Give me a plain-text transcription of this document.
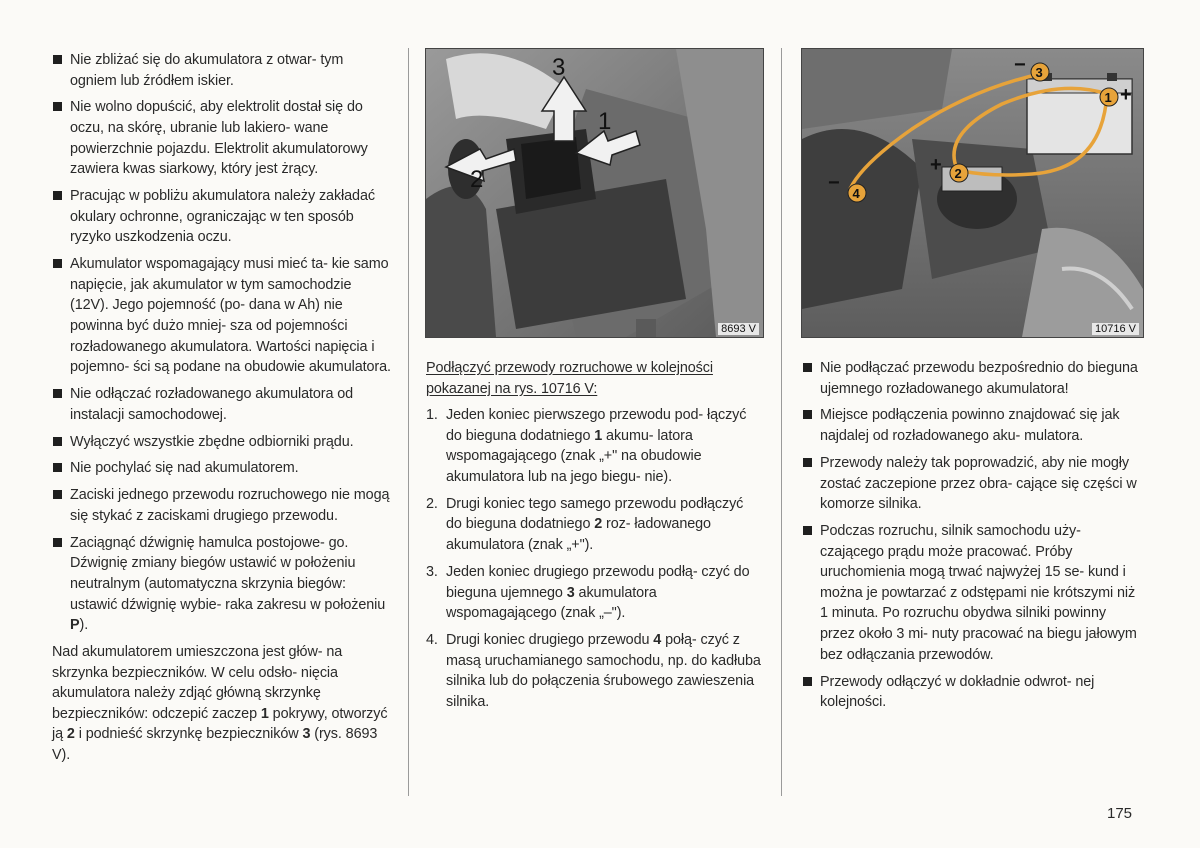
Nie zbliżać się do akumulatora z otwar- tym ogniem lub źródłem iskier.
Nie wolno dopuścić, aby elektrolit dostał się do oczu, na skórę, ubranie lub lakiero- wane powierzchnie pojazdu. Elektrolit akumulatorowy zawiera kwas siarkowy, który jest żrący.
Pracując w pobliżu akumulatora należy zakładać okulary ochronne, ograniczając w ten sposób ryzyko uszkodzenia oczu.
Akumulator wspomagający musi mieć ta- kie samo napięcie, jak akumulator w tym samochodzie (12V). Jego pojemność (po- dana w Ah) nie powinna być dużo mniej- sza od pojemności rozładowanego akumulatora. Wartości napięcia i pojemno- ści są podane na obudowie akumulatora.
Nie odłączać rozładowanego akumulatora od instalacji samochodowej.
Wyłączyć wszystkie zbędne odbiorniki prądu.
Nie pochylać się nad akumulatorem.
Zaciski jednego przewodu rozruchowego nie mogą się stykać z zaciskami drugiego przewodu.
Zaciągnąć dźwignię hamulca postojowe- go. Dźwignię zmiany biegów ustawić w położeniu neutralnym (automatyczna skrzynia biegów: ustawić dźwignię wybie- raka zakresu w położeniu P).

Nad akumulatorem umieszczona jest głów- na skrzynka bezpieczników. W celu odsło- nięcia akumulatora należy zdjąć główną skrzynkę bezpieczników: odczepić zaczep 1 pokrywy, otworzyć ją 2 i podnieść skrzynkę bezpieczników 3 (rys. 8693 V).

1
2
3
8693 V
1
2
3
4
+
+
−
−
10716 V

Podłączyć przewody rozruchowe w kolejności pokazanej na rys. 10716 V:

1. Jeden koniec pierwszego przewodu pod- łączyć do bieguna dodatniego 1 akumu- latora wspomagającego (znak „+" na obudowie akumulatora lub na jego biegu- nie).
2. Drugi koniec tego samego przewodu podłączyć do bieguna dodatniego 2 roz- ładowanego akumulatora (znak „+").
3. Jeden koniec drugiego przewodu podłą- czyć do bieguna ujemnego 3 akumulatora wspomagającego (znak „–").
4. Drugi koniec drugiego przewodu 4 połą- czyć z masą uruchamianego samochodu, np. do kadłuba silnika lub do połączenia śrubowego zawieszenia silnika.
Nie podłączać przewodu bezpośrednio do bieguna ujemnego rozładowanego akumulatora!
Miejsce podłączenia powinno znajdować się jak najdalej od rozładowanego aku- mulatora.
Przewody należy tak poprowadzić, aby nie mogły zostać zaczepione przez obra- cające się części w komorze silnika.
Podczas rozruchu, silnik samochodu uży- czającego prądu może pracować. Próby uruchomienia mogą trwać najwyżej 15 se- kund i można je powtarzać z odstępami nie krótszymi niż 1 minuta. Po rozruchu obydwa silniki powinny przez około 3 mi- nuty pracować na biegu jałowym bez odłączania przewodów.
Przewody odłączyć w dokładnie odwrot- nej kolejności.
175
